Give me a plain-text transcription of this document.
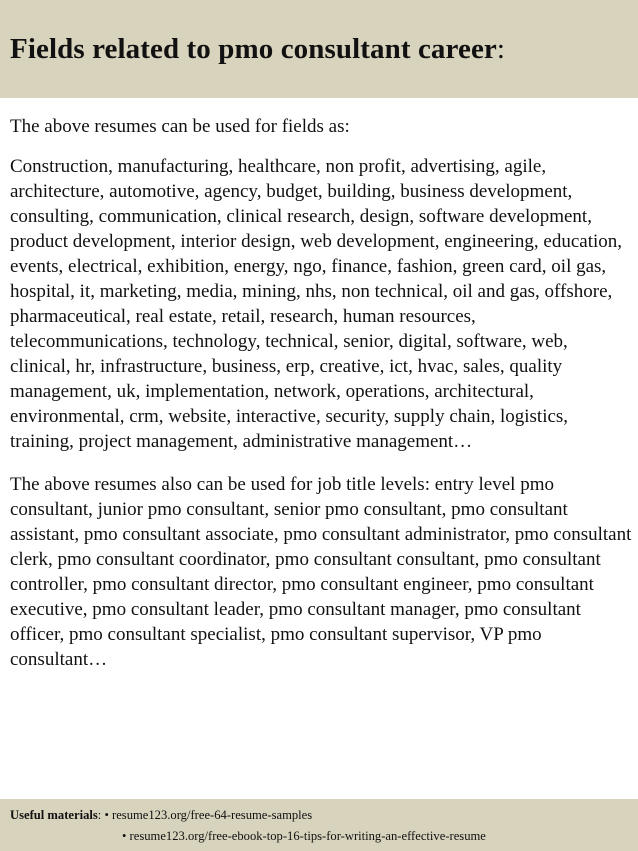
Fields related to pmo consultant career:

The above resumes can be used for fields as:

Construction, manufacturing, healthcare, non profit, advertising, agile, architecture, automotive, agency, budget, building, business development, consulting, communication, clinical research, design, software development, product development, interior design, web development, engineering, education, events, electrical, exhibition, energy, ngo, finance, fashion, green card, oil gas, hospital, it, marketing, media, mining, nhs, non technical, oil and gas, offshore, pharmaceutical, real estate, retail, research, human resources, telecommunications, technology, technical, senior, digital, software, web, clinical, hr, infrastructure, business, erp, creative, ict, hvac, sales, quality management, uk, implementation, network, operations, architectural, environmental, crm, website, interactive, security, supply chain, logistics, training, project management, administrative management…

The above resumes also can be used for job title levels: entry level pmo consultant, junior pmo consultant, senior pmo consultant, pmo consultant assistant, pmo consultant associate, pmo consultant administrator, pmo consultant clerk, pmo consultant coordinator, pmo consultant consultant, pmo consultant controller, pmo consultant director, pmo consultant engineer, pmo consultant executive, pmo consultant leader, pmo consultant manager, pmo consultant officer, pmo consultant specialist, pmo consultant supervisor, VP pmo consultant…

Useful materials: • resume123.org/free-64-resume-samples
• resume123.org/free-ebook-top-16-tips-for-writing-an-effective-resume
